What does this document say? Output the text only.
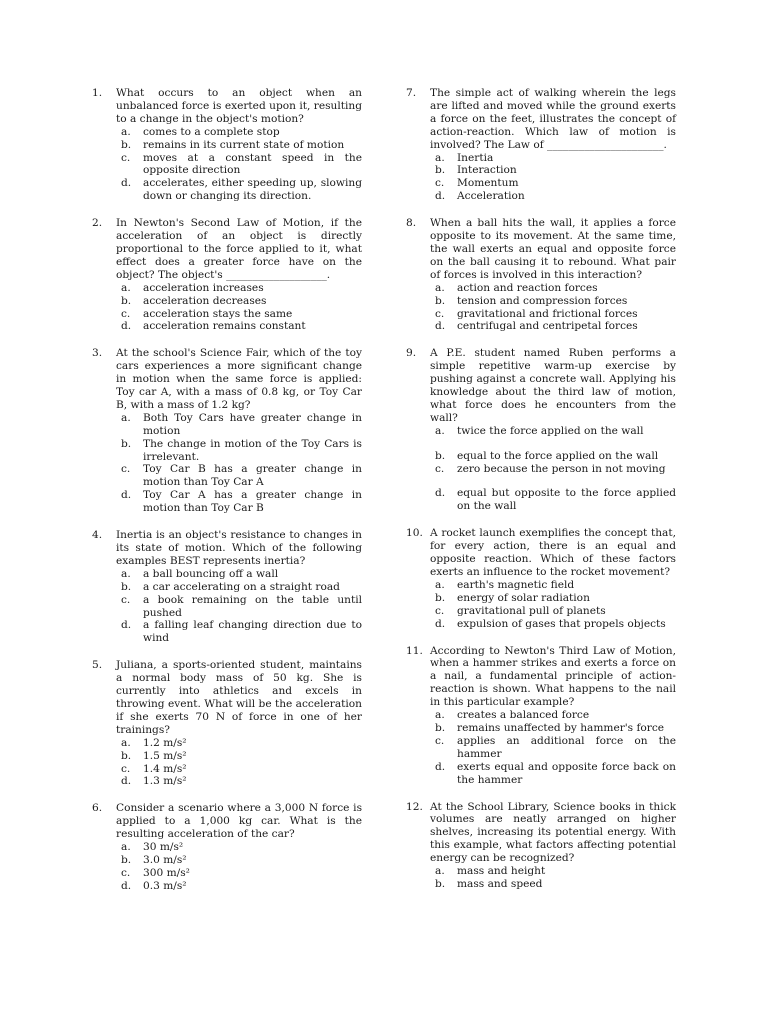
1.	What occurs to an object when an unbalanced force is exerted upon it, resulting to a change in the object's motion?
a.	comes to a complete stop
b.	remains in its current state of motion
c.	moves at a constant speed in the opposite direction
d.	accelerates, either speeding up, slowing down or changing its direction.
2.	In Newton's Second Law of Motion, if the acceleration of an object is directly proportional to the force applied to it, what effect does a greater force have on the object? The object's ___________________.
a.	acceleration increases
b.	acceleration decreases
c.	acceleration stays the same
d.	acceleration remains constant
3.	At the school's Science Fair, which of the toy cars experiences a more significant change in motion when the same force is applied: Toy car A, with a mass of 0.8 kg, or Toy Car B, with a mass of 1.2 kg?
a.	Both Toy Cars have greater change in motion
b.	The change in motion of the Toy Cars is irrelevant.
c.	Toy Car B has a greater change in motion than Toy Car A
d.	Toy Car A has a greater change in motion than Toy Car B
4.	Inertia is an object's resistance to changes in its state of motion. Which of the following examples BEST represents inertia?
a.	a ball bouncing off a wall
b.	a car accelerating on a straight road
c.	a book remaining on the table until pushed
d.	a falling leaf changing direction due to wind
5.	Juliana, a sports-oriented student, maintains a normal body mass of 50 kg. She is currently into athletics and excels in throwing event. What will be the acceleration if she exerts 70 N of force in one of her trainings?
a.	1.2 m/s²
b.	1.5 m/s²
c.	1.4 m/s²
d.	1.3 m/s²
6.	Consider a scenario where a 3,000 N force is applied to a 1,000 kg car. What is the resulting acceleration of the car?
a.	30 m/s²
b.	3.0 m/s²
c.	300 m/s²
d.	0.3 m/s²
7.	The simple act of walking wherein the legs are lifted and moved while the ground exerts a force on the feet, illustrates the concept of action-reaction. Which law of motion is involved? The Law of ______________________.
a.	Inertia
b.	Interaction
c.	Momentum
d.	Acceleration
8.	When a ball hits the wall, it applies a force opposite to its movement. At the same time, the wall exerts an equal and opposite force on the ball causing it to rebound. What pair of forces is involved in this interaction?
a.	action and reaction forces
b.	tension and compression forces
c.	gravitational and frictional forces
d.	centrifugal and centripetal forces
9.	A P.E. student named Ruben performs a simple repetitive warm-up exercise by pushing against a concrete wall. Applying his knowledge about the third law of motion, what force does he encounters from the wall?
a.	twice the force applied on the wall
b.	equal to the force applied on the wall
c.	zero because the person in not moving
d.	equal but opposite to the force applied on the wall
10. A rocket launch exemplifies the concept that, for every action, there is an equal and opposite reaction. Which of these factors exerts an influence to the rocket movement?
a.	earth's magnetic field
b.	energy of solar radiation
c.	gravitational pull of planets
d.	expulsion of gases that propels objects
11. According to Newton's Third Law of Motion, when a hammer strikes and exerts a force on a nail, a fundamental principle of action-reaction is shown. What happens to the nail in this particular example?
a.	creates a balanced force
b.	remains unaffected by hammer's force
c.	applies an additional force on the hammer
d.	exerts equal and opposite force back on the hammer
12. At the School Library, Science books in thick volumes are neatly arranged on higher shelves, increasing its potential energy. With this example, what factors affecting potential energy can be recognized?
a.	mass and height
b.	mass and speed
